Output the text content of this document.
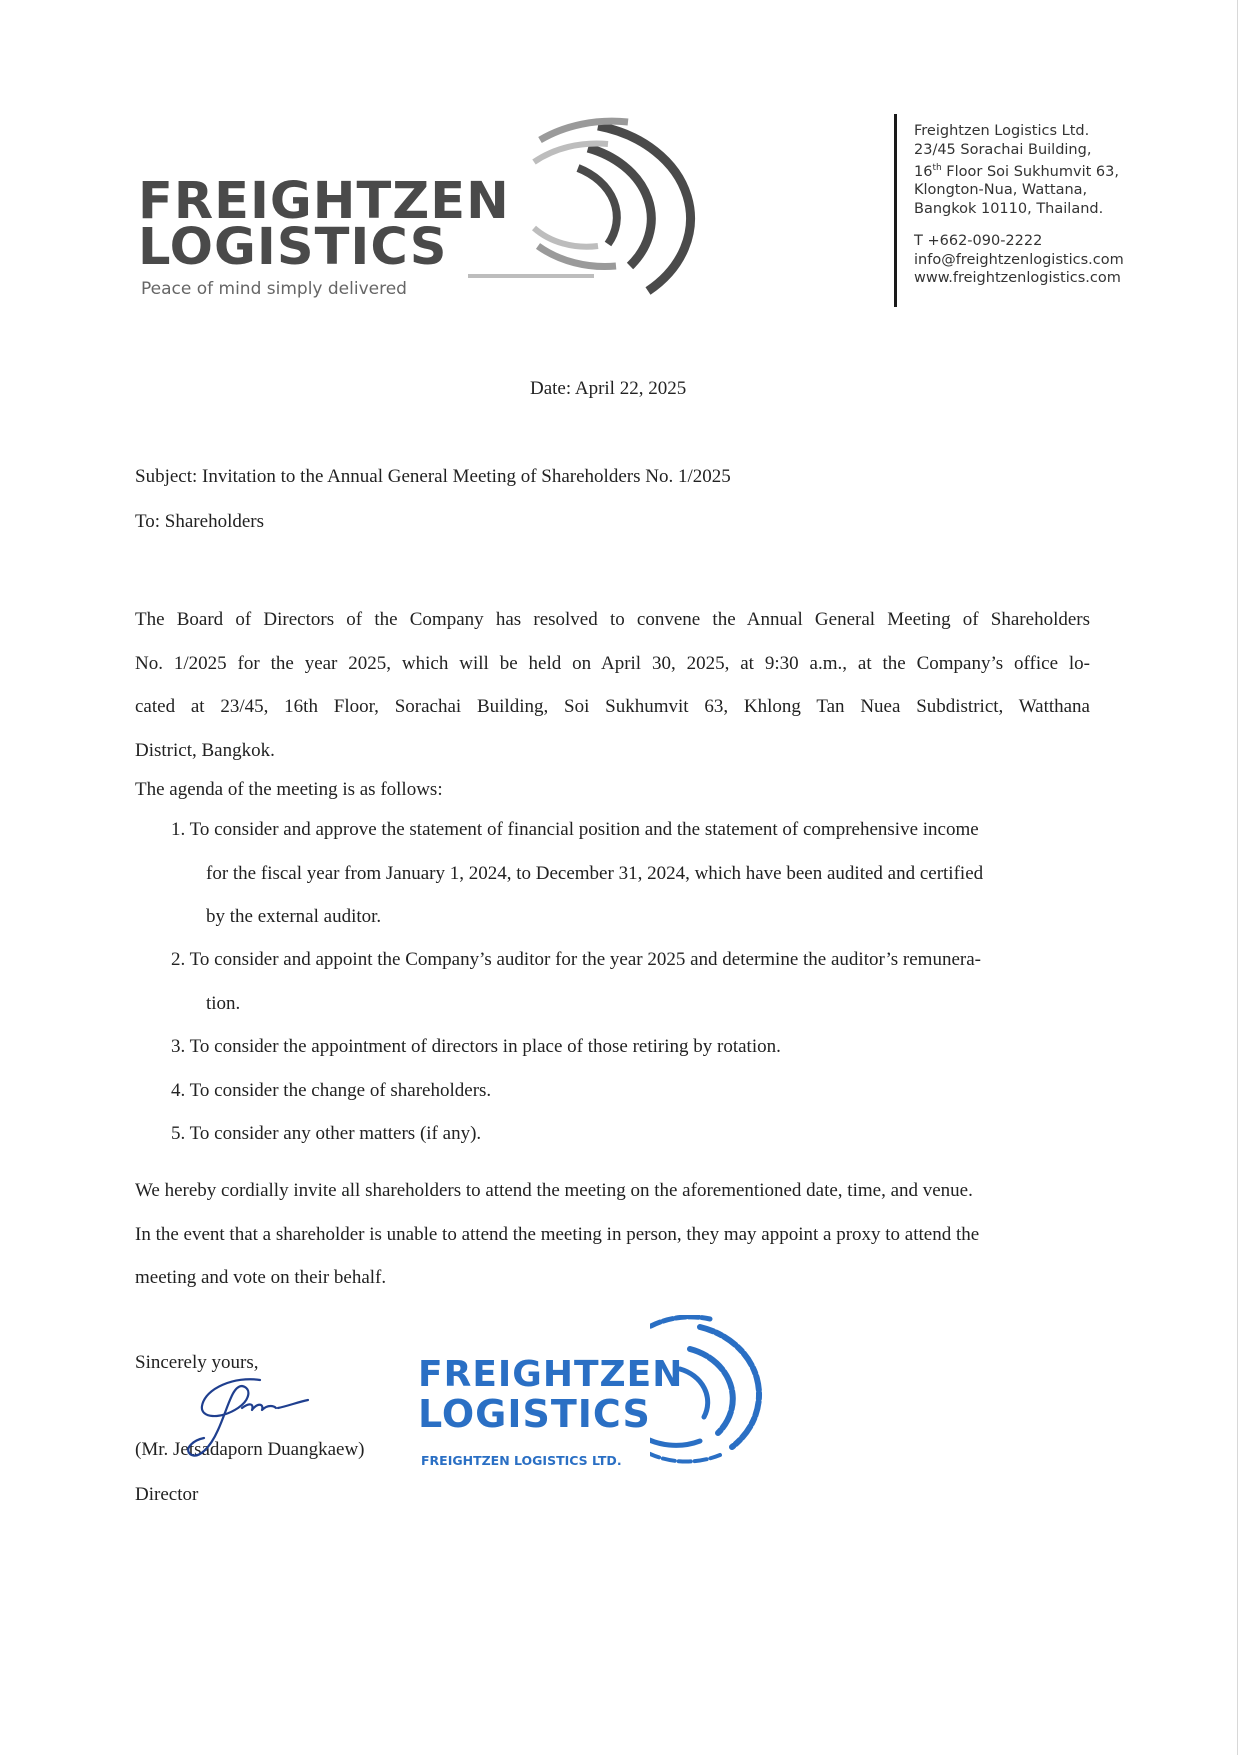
FREIGHTZEN
LOGISTICS
Peace of mind simply delivered
Freightzen Logistics Ltd.
23/45 Sorachai Building,
16th Floor Soi Sukhumvit 63,
Klongton-Nua, Wattana,
Bangkok 10110, Thailand.
T +662-090-2222
info@freightzenlogistics.com
www.freightzenlogistics.com
Date: April 22, 2025
Subject: Invitation to the Annual General Meeting of Shareholders No. 1/2025
To: Shareholders
The Board of Directors of the Company has resolved to convene the Annual General Meeting of Shareholders
No. 1/2025 for the year 2025, which will be held on April 30, 2025, at 9:30 a.m., at the Company’s office lo-
cated at 23/45, 16th Floor, Sorachai Building, Soi Sukhumvit 63, Khlong Tan Nuea Subdistrict, Watthana
District, Bangkok.
The agenda of the meeting is as follows:
1. To consider and approve the statement of financial position and the statement of comprehensive income
for the fiscal year from January 1, 2024, to December 31, 2024, which have been audited and certified
by the external auditor.
2. To consider and appoint the Company’s auditor for the year 2025 and determine the auditor’s remunera-
tion.
3. To consider the appointment of directors in place of those retiring by rotation.
4. To consider the change of shareholders.
5. To consider any other matters (if any).
We hereby cordially invite all shareholders to attend the meeting on the aforementioned date, time, and venue.
In the event that a shareholder is unable to attend the meeting in person, they may appoint a proxy to attend the
meeting and vote on their behalf.
Sincerely yours,
(Mr. Jetsadaporn Duangkaew)
Director
FREIGHTZEN
LOGISTICS
FREIGHTZEN LOGISTICS LTD.
